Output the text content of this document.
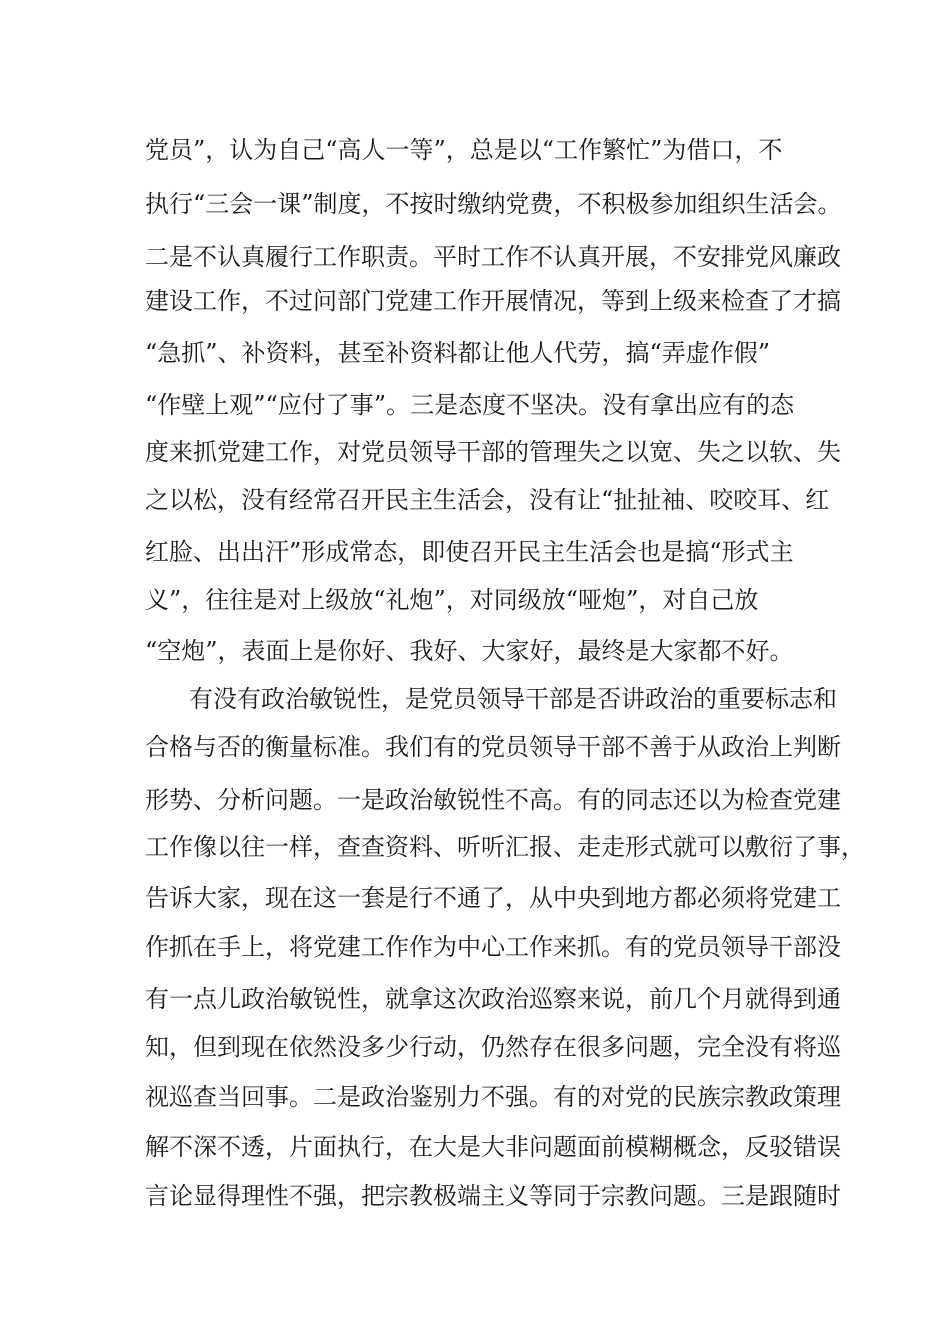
党员”，认为自己“高人一等”，总是以“工作繁忙”为借口，不
执行“三会一课”制度，不按时缴纳党费，不积极参加组织生活会。
二是不认真履行工作职责。平时工作不认真开展，不安排党风廉政
建设工作，不过问部门党建工作开展情况，等到上级来检查了才搞
“急抓”、补资料，甚至补资料都让他人代劳，搞“弄虚作假”
“作壁上观”“应付了事”。三是态度不坚决。没有拿出应有的态
度来抓党建工作，对党员领导干部的管理失之以宽、失之以软、失
之以松，没有经常召开民主生活会，没有让“扯扯袖、咬咬耳、红
红脸、出出汗”形成常态，即使召开民主生活会也是搞“形式主
义”，往往是对上级放“礼炮”，对同级放“哑炮”，对自己放
“空炮”，表面上是你好、我好、大家好，最终是大家都不好。
有没有政治敏锐性，是党员领导干部是否讲政治的重要标志和
合格与否的衡量标准。我们有的党员领导干部不善于从政治上判断
形势、分析问题。一是政治敏锐性不高。有的同志还以为检查党建
工作像以往一样，查查资料、听听汇报、走走形式就可以敷衍了事，
告诉大家，现在这一套是行不通了，从中央到地方都必须将党建工
作抓在手上，将党建工作作为中心工作来抓。有的党员领导干部没
有一点儿政治敏锐性，就拿这次政治巡察来说，前几个月就得到通
知，但到现在依然没多少行动，仍然存在很多问题，完全没有将巡
视巡查当回事。二是政治鉴别力不强。有的对党的民族宗教政策理
解不深不透，片面执行，在大是大非问题面前模糊概念，反驳错误
言论显得理性不强，把宗教极端主义等同于宗教问题。三是跟随时
